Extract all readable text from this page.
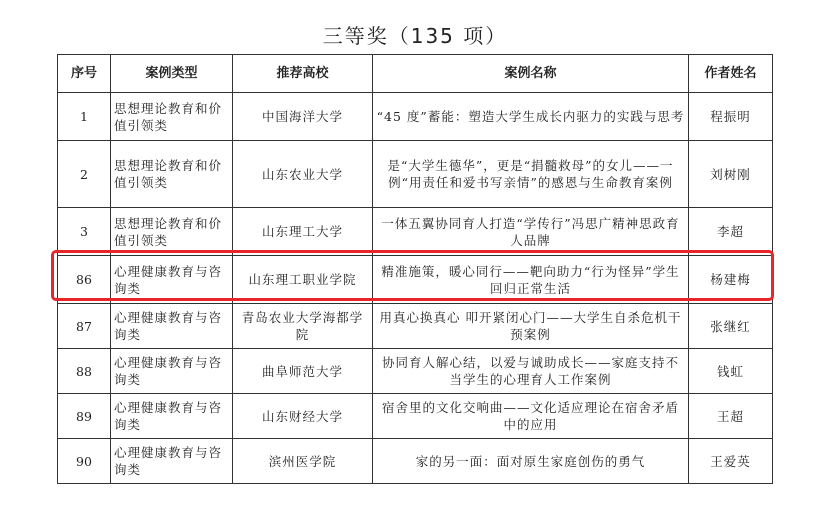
三等奖（135 项）
序号	案例类型	推荐高校	案例名称	作者姓名
1	思想理论教育和价值引领类	中国海洋大学	“45 度”蓄能：塑造大学生成长内驱力的实践与思考	程振明
2	思想理论教育和价值引领类	山东农业大学	是“大学生德华”，更是“捐髓救母”的女儿——一例“用责任和爱书写亲情”的感恩与生命教育案例	刘树刚
3	思想理论教育和价值引领类	山东理工大学	一体五翼协同育人打造“学传行”冯思广精神思政育人品牌	李超
86	心理健康教育与咨询类	山东理工职业学院	精准施策，暖心同行——靶向助力“行为怪异”学生回归正常生活	杨建梅
87	心理健康教育与咨询类	青岛农业大学海都学院	用真心换真心 叩开紧闭心门——大学生自杀危机干预案例	张继红
88	心理健康教育与咨询类	曲阜师范大学	协同育人解心结，以爱与诚助成长——家庭支持不当学生的心理育人工作案例	钱虹
89	心理健康教育与咨询类	山东财经大学	宿舍里的文化交响曲——文化适应理论在宿舍矛盾中的应用	王超
90	心理健康教育与咨询类	滨州医学院	家的另一面：面对原生家庭创伤的勇气	王爱英
